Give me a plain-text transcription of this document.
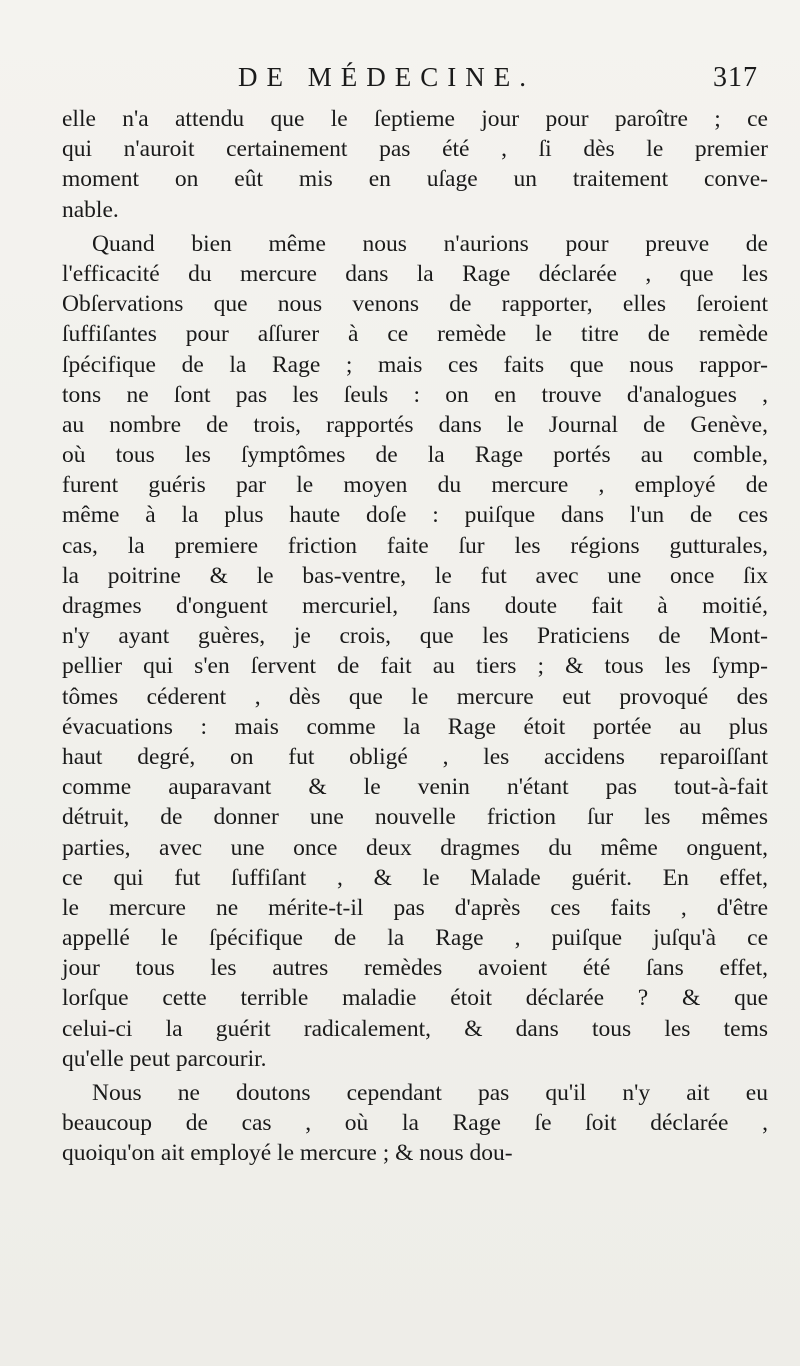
DE MÉDECINE.	317
elle n'a attendu que le ſeptieme jour pour paroître ; ce
qui n'auroit certainement pas été , ſi dès le premier
moment on eût mis en uſage un traitement conve-
nable.
Quand bien même nous n'aurions pour preuve de
l'efficacité du mercure dans la Rage déclarée , que les
Obſervations que nous venons de rapporter, elles ſeroient
ſuffiſantes pour aſſurer à ce remède le titre de remède
ſpécifique de la Rage ; mais ces faits que nous rappor-
tons ne ſont pas les ſeuls : on en trouve d'analogues ,
au nombre de trois, rapportés dans le Journal de Genève,
où tous les ſymptômes de la Rage portés au comble,
furent guéris par le moyen du mercure , employé de
même à la plus haute doſe : puiſque dans l'un de ces
cas, la premiere friction faite ſur les régions gutturales,
la poitrine & le bas-ventre, le fut avec une once ſix
dragmes d'onguent mercuriel, ſans doute fait à moitié,
n'y ayant guères, je crois, que les Praticiens de Mont-
pellier qui s'en ſervent de fait au tiers ; & tous les ſymp-
tômes céderent , dès que le mercure eut provoqué des
évacuations : mais comme la Rage étoit portée au plus
haut degré, on fut obligé , les accidens reparoiſſant
comme auparavant & le venin n'étant pas tout-à-fait
détruit, de donner une nouvelle friction ſur les mêmes
parties, avec une once deux dragmes du même onguent,
ce qui fut ſuffiſant , & le Malade guérit. En effet,
le mercure ne mérite-t-il pas d'après ces faits , d'être
appellé le ſpécifique de la Rage , puiſque juſqu'à ce
jour tous les autres remèdes avoient été ſans effet,
lorſque cette terrible maladie étoit déclarée ? & que
celui-ci la guérit radicalement, & dans tous les tems
qu'elle peut parcourir.
Nous ne doutons cependant pas qu'il n'y ait eu
beaucoup de cas , où la Rage ſe ſoit déclarée ,
quoiqu'on ait employé le mercure ; & nous dou-
